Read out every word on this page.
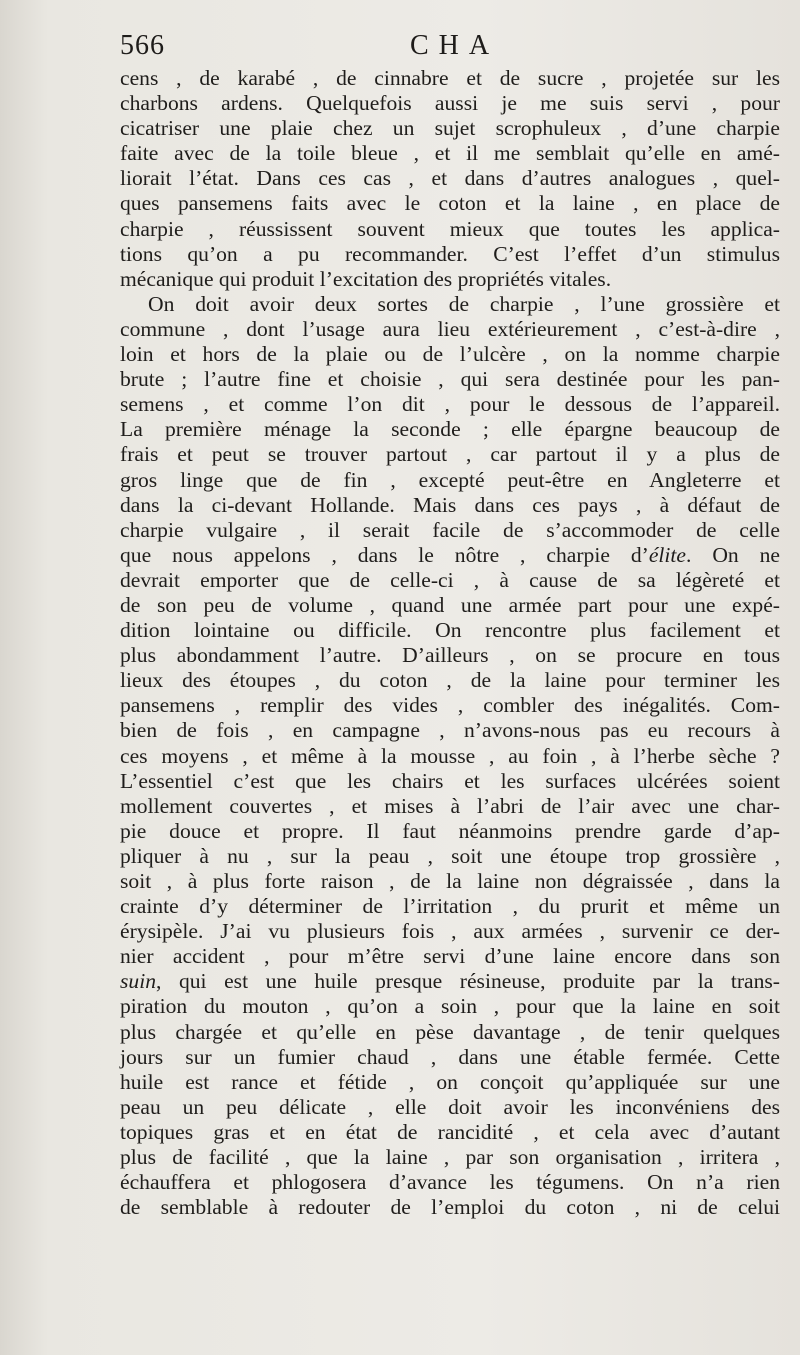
566	CHA
cens , de karabé , de cinnabre et de sucre , projetée sur les
charbons ardens. Quelquefois aussi je me suis servi , pour
cicatriser une plaie chez un sujet scrophuleux , d’une charpie
faite avec de la toile bleue , et il me semblait qu’elle en amé-
liorait l’état. Dans ces cas , et dans d’autres analogues , quel-
ques pansemens faits avec le coton et la laine , en place de
charpie , réussissent souvent mieux que toutes les applica-
tions qu’on a pu recommander. C’est l’effet d’un stimulus
mécanique qui produit l’excitation des propriétés vitales.
On doit avoir deux sortes de charpie , l’une grossière et
commune , dont l’usage aura lieu extérieurement , c’est-à-dire ,
loin et hors de la plaie ou de l’ulcère , on la nomme charpie
brute ; l’autre fine et choisie , qui sera destinée pour les pan-
semens , et comme l’on dit , pour le dessous de l’appareil.
La première ménage la seconde ; elle épargne beaucoup de
frais et peut se trouver partout , car partout il y a plus de
gros linge que de fin , excepté peut-être en Angleterre et
dans la ci-devant Hollande. Mais dans ces pays , à défaut de
charpie vulgaire , il serait facile de s’accommoder de celle
que nous appelons , dans le nôtre , charpie d’élite. On ne
devrait emporter que de celle-ci , à cause de sa légèreté et
de son peu de volume , quand une armée part pour une expé-
dition lointaine ou difficile. On rencontre plus facilement et
plus abondamment l’autre. D’ailleurs , on se procure en tous
lieux des étoupes , du coton , de la laine pour terminer les
pansemens , remplir des vides , combler des inégalités. Com-
bien de fois , en campagne , n’avons-nous pas eu recours à
ces moyens , et même à la mousse , au foin , à l’herbe sèche ?
L’essentiel c’est que les chairs et les surfaces ulcérées soient
mollement couvertes , et mises à l’abri de l’air avec une char-
pie douce et propre. Il faut néanmoins prendre garde d’ap-
pliquer à nu , sur la peau , soit une étoupe trop grossière ,
soit , à plus forte raison , de la laine non dégraissée , dans la
crainte d’y déterminer de l’irritation , du prurit et même un
érysipèle. J’ai vu plusieurs fois , aux armées , survenir ce der-
nier accident , pour m’être servi d’une laine encore dans son
suin, qui est une huile presque résineuse, produite par la trans-
piration du mouton , qu’on a soin , pour que la laine en soit
plus chargée et qu’elle en pèse davantage , de tenir quelques
jours sur un fumier chaud , dans une étable fermée. Cette
huile est rance et fétide , on conçoit qu’appliquée sur une
peau un peu délicate , elle doit avoir les inconvéniens des
topiques gras et en état de rancidité , et cela avec d’autant
plus de facilité , que la laine , par son organisation , irritera ,
échauffera et phlogosera d’avance les tégumens. On n’a rien
de semblable à redouter de l’emploi du coton , ni de celui
